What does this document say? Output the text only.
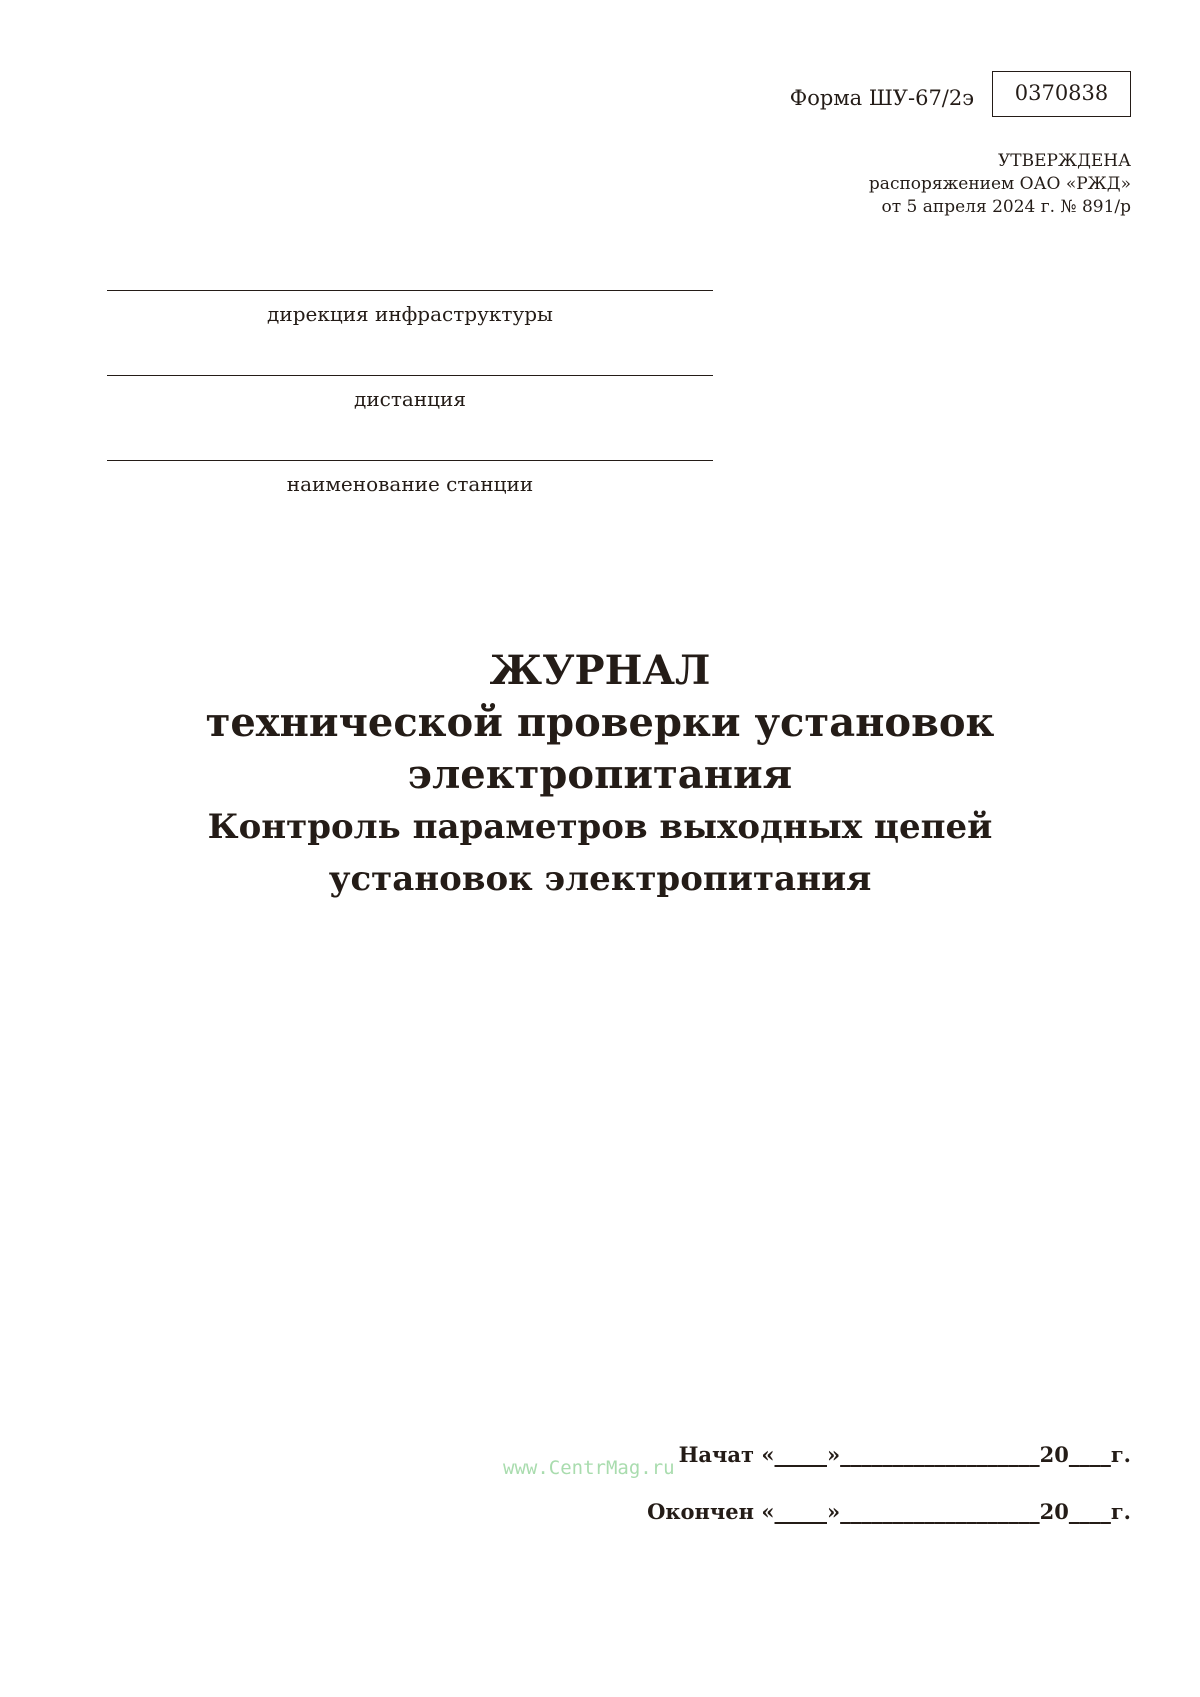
Форма ШУ-67/2э	0370838
УТВЕРЖДЕНА
распоряжением ОАО «РЖД»
от 5 апреля 2024 г. № 891/р
дирекция инфраструктуры
дистанция
наименование станции
ЖУРНАЛ
технической проверки установок
электропитания
Контроль параметров выходных цепей
установок электропитания
Начат «_____»___________________20____г.
Окончен «_____»___________________20____г.
www.CentrMag.ru
